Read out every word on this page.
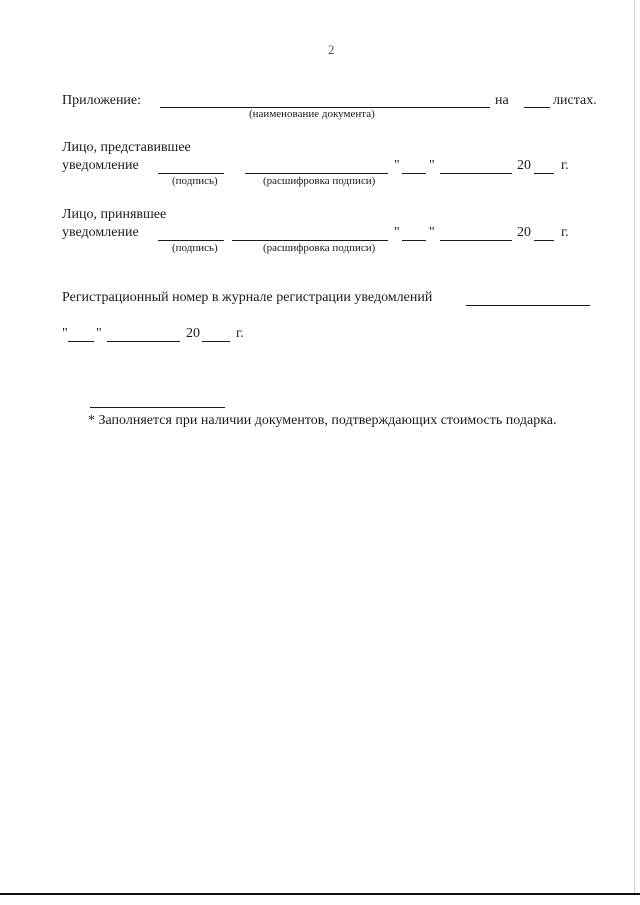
2
Приложение:	на	листах.
(наименование документа)
Лицо, представившее
уведомление	" "	20 г.
(подпись)	(расшифровка подписи)
Лицо, принявшее
уведомление	" "	20 г.
(подпись)	(расшифровка подписи)
Регистрационный номер в журнале регистрации уведомлений
" "	20	г.
* Заполняется при наличии документов, подтверждающих стоимость подарка.
